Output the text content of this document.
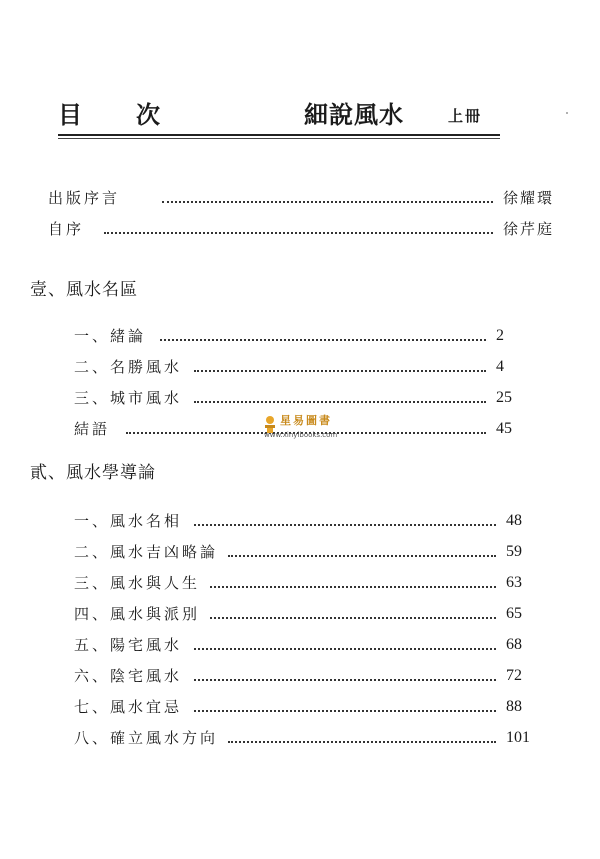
目次	細說風水	上冊
出版序言	徐耀環
自序	徐芹庭
壹、風水名區
一、緒論	2
二、名勝風水	4
三、城市風水	25
結語	45
星易圖書
www.xinyibooks.com
貳、風水學導論
一、風水名相	48
二、風水吉凶略論	59
三、風水與人生	63
四、風水與派別	65
五、陽宅風水	68
六、陰宅風水	72
七、風水宜忌	88
八、確立風水方向	101
